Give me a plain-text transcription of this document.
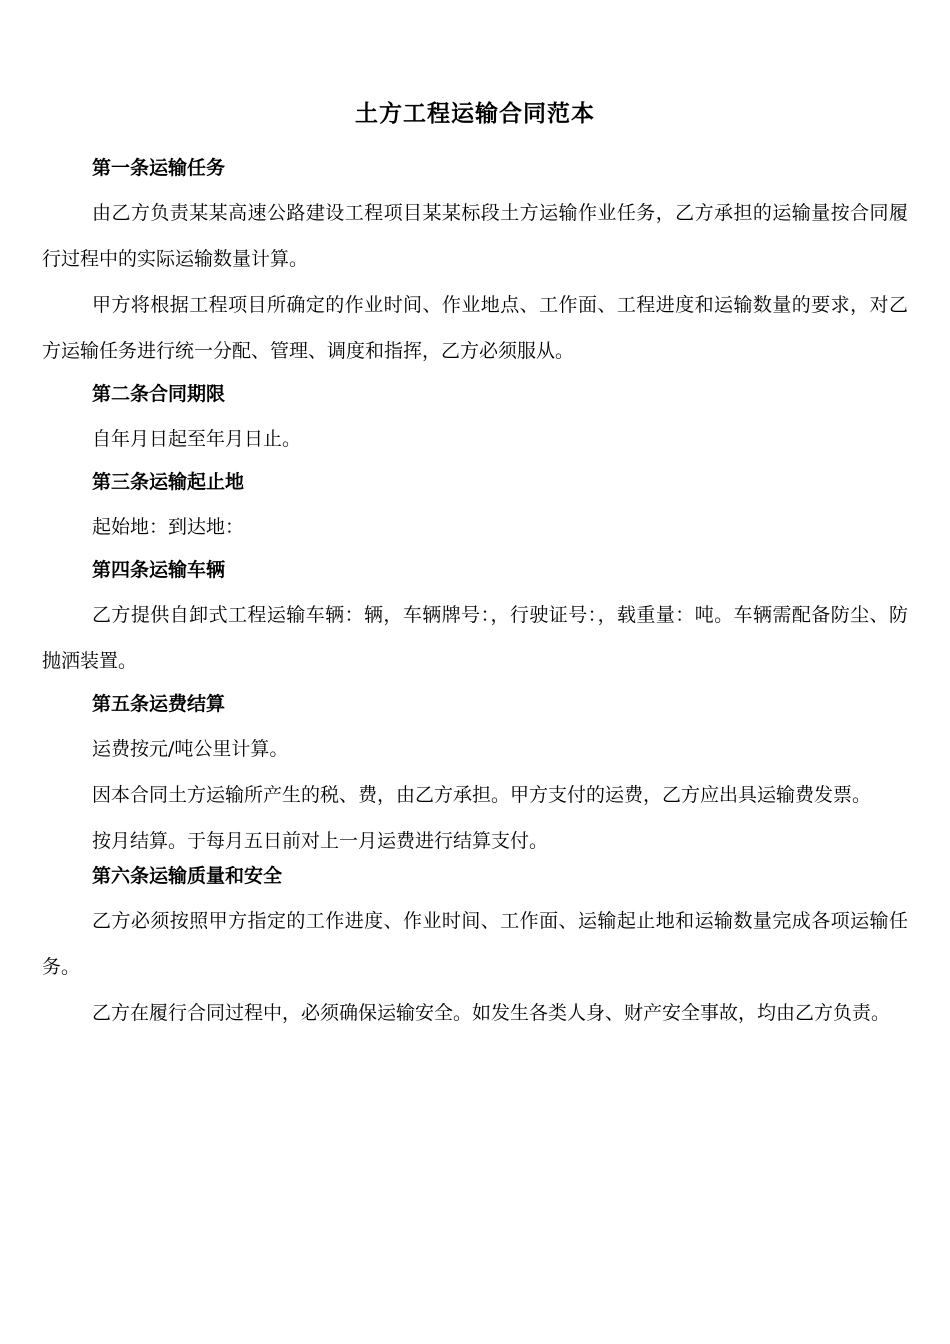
土方工程运输合同范本
第一条运输任务

由乙方负责某某高速公路建设工程项目某某标段土方运输作业任务，乙方承担的运输量按合同履行过程中的实际运输数量计算。

甲方将根据工程项目所确定的作业时间、作业地点、工作面、工程进度和运输数量的要求，对乙方运输任务进行统一分配、管理、调度和指挥，乙方必须服从。

第二条合同期限

自年月日起至年月日止。

第三条运输起止地

起始地：到达地：

第四条运输车辆

乙方提供自卸式工程运输车辆：辆，车辆牌号：，行驶证号：，载重量：吨。车辆需配备防尘、防抛洒装置。

第五条运费结算

运费按元/吨公里计算。

因本合同土方运输所产生的税、费，由乙方承担。甲方支付的运费，乙方应出具运输费发票。

按月结算。于每月五日前对上一月运费进行结算支付。

第六条运输质量和安全

乙方必须按照甲方指定的工作进度、作业时间、工作面、运输起止地和运输数量完成各项运输任务。

乙方在履行合同过程中，必须确保运输安全。如发生各类人身、财产安全事故，均由乙方负责。
